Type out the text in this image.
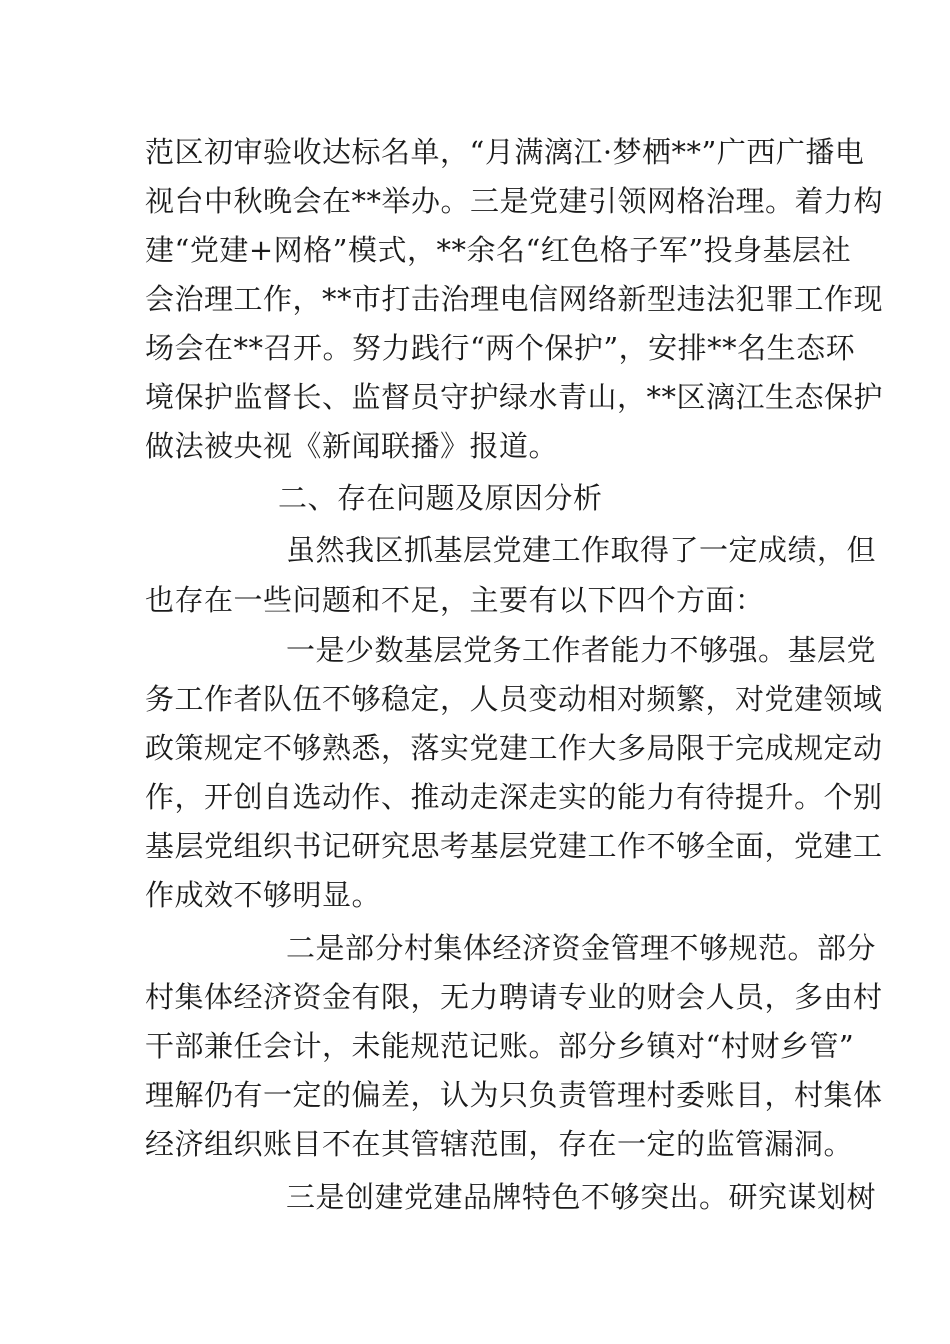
范区初审验收达标名单，“月满漓江·梦栖**”广西广播电
视台中秋晚会在**举办。三是党建引领网格治理。着力构
建“党建+网格”模式，**余名“红色格子军”投身基层社
会治理工作，**市打击治理电信网络新型违法犯罪工作现
场会在**召开。努力践行“两个保护”，安排**名生态环
境保护监督长、监督员守护绿水青山，**区漓江生态保护
做法被央视《新闻联播》报道。
二、存在问题及原因分析
虽然我区抓基层党建工作取得了一定成绩，但
也存在一些问题和不足，主要有以下四个方面：
一是少数基层党务工作者能力不够强。基层党
务工作者队伍不够稳定，人员变动相对频繁，对党建领域
政策规定不够熟悉，落实党建工作大多局限于完成规定动
作，开创自选动作、推动走深走实的能力有待提升。个别
基层党组织书记研究思考基层党建工作不够全面，党建工
作成效不够明显。
二是部分村集体经济资金管理不够规范。部分
村集体经济资金有限，无力聘请专业的财会人员，多由村
干部兼任会计，未能规范记账。部分乡镇对“村财乡管”
理解仍有一定的偏差，认为只负责管理村委账目，村集体
经济组织账目不在其管辖范围，存在一定的监管漏洞。
三是创建党建品牌特色不够突出。研究谋划树
